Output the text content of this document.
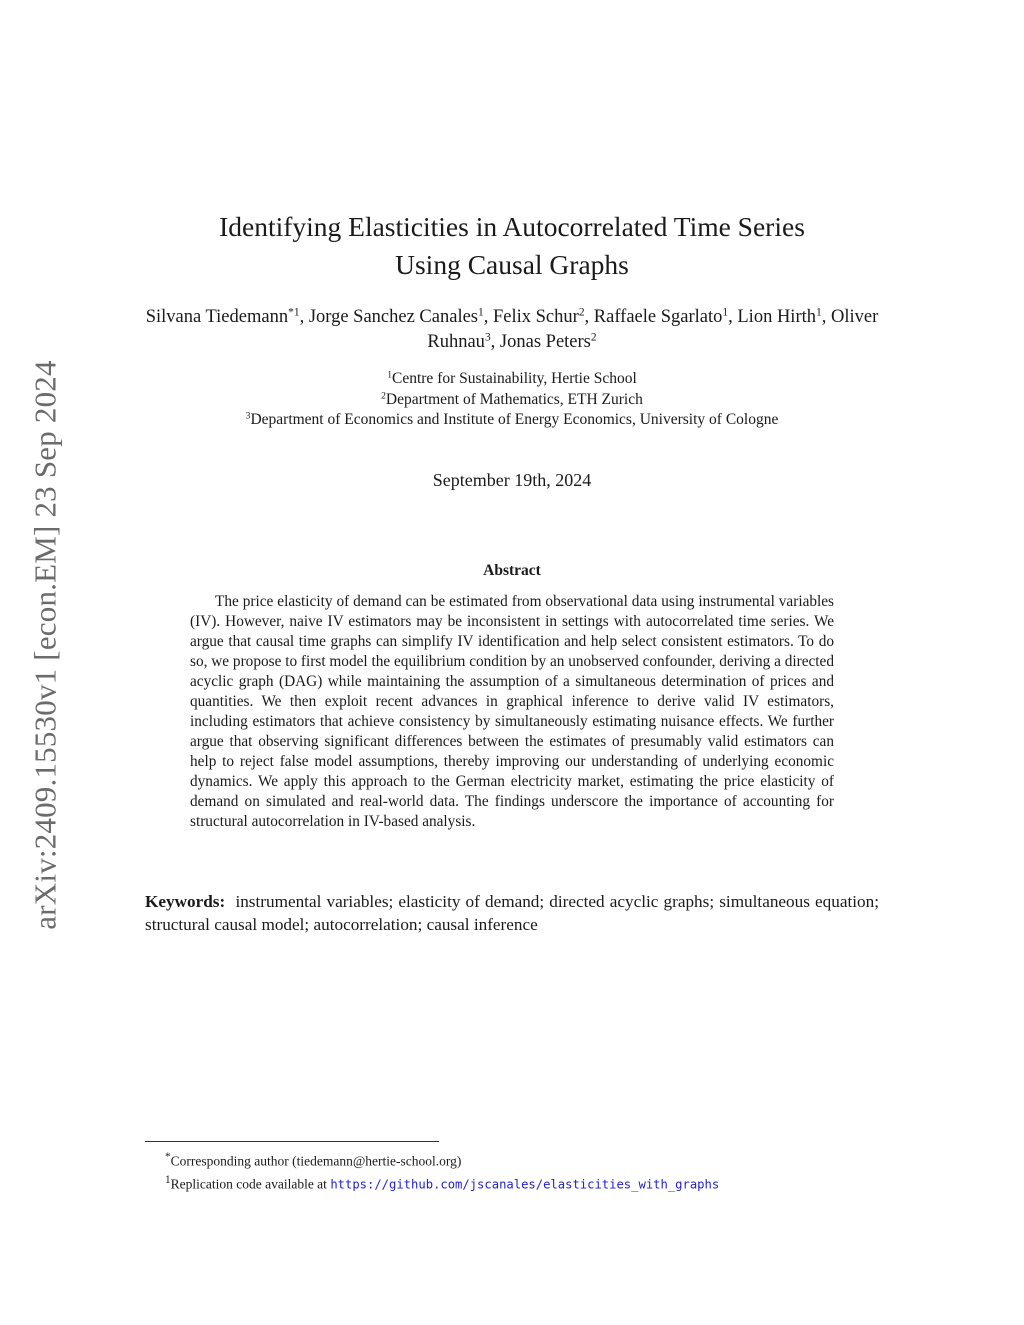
arXiv:2409.15530v1 [econ.EM] 23 Sep 2024
Identifying Elasticities in Autocorrelated Time Series
Using Causal Graphs
Silvana Tiedemann$^{*1}$, Jorge Sanchez Canales$^1$, Felix Schur$^2$, Raffaele Sgarlato$^1$, Lion Hirth$^1$, Oliver Ruhnau$^3$, Jonas Peters$^2$
$^1$Centre for Sustainability, Hertie School
$^2$Department of Mathematics, ETH Zurich
$^3$Department of Economics and Institute of Energy Economics, University of Cologne
September 19th, 2024
Abstract

The price elasticity of demand can be estimated from observational data using instrumental variables (IV). However, naive IV estimators may be inconsistent in settings with autocorrelated time series. We argue that causal time graphs can simplify IV identification and help select consistent estimators. To do so, we propose to first model the equilibrium condition by an unobserved confounder, deriving a directed acyclic graph (DAG) while maintaining the assumption of a simultaneous determination of prices and quantities. We then exploit recent advances in graphical inference to derive valid IV estimators, including estimators that achieve consistency by simultaneously estimating nuisance effects. We further argue that observing significant differences between the estimates of presumably valid estimators can help to reject false model assumptions, thereby improving our understanding of underlying economic dynamics. We apply this approach to the German electricity market, estimating the price elasticity of demand on simulated and real-world data. The findings underscore the importance of accounting for structural autocorrelation in IV-based analysis.

Keywords: instrumental variables; elasticity of demand; directed acyclic graphs; simultaneous equation; structural causal model; autocorrelation; causal inference

*Corresponding author (tiedemann@hertie-school.org)
$^1$Replication code available at https://github.com/jscanales/elasticities_with_graphs
